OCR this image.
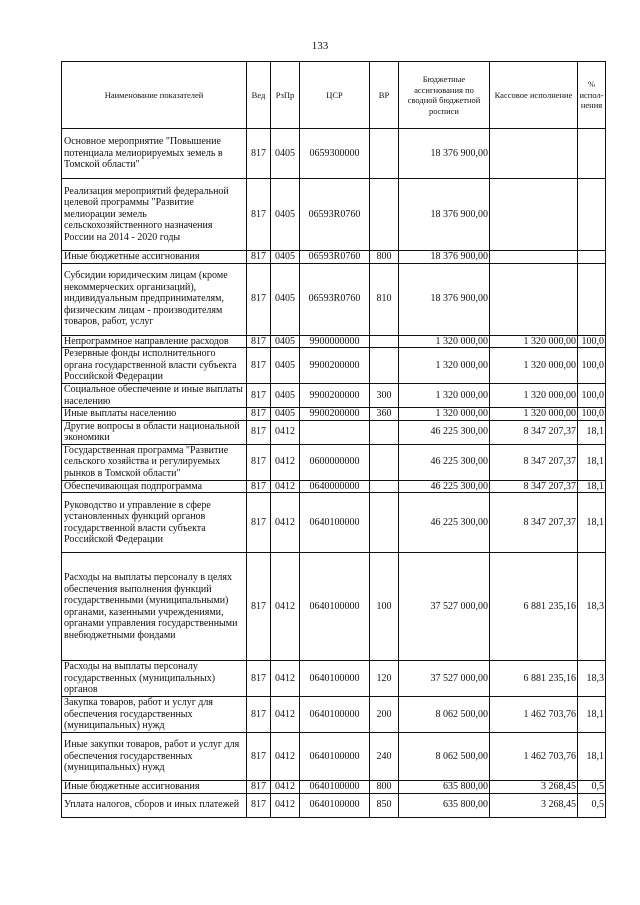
133
Наименование показателей	Вед	РзПр	ЦСР	ВР	Бюджетные ассигнования по сводной бюджетной росписи	Кассовое исполнение	% испол-нения
Основное мероприятие "Повышение потенциала мелиорируемых земель в Томской области"	817	0405	0659300000		18 376 900,00		
Реализация мероприятий федеральной целевой программы "Развитие мелиорации земель сельскохозяйственного назначения России на 2014 - 2020 годы	817	0405	06593R0760		18 376 900,00		
Иные бюджетные ассигнования	817	0405	06593R0760	800	18 376 900,00		
Субсидии юридическим лицам (кроме некоммерческих организаций), индивидуальным предпринимателям, физическим лицам - производителям товаров, работ, услуг	817	0405	06593R0760	810	18 376 900,00		
Непрограммное направление расходов	817	0405	9900000000		1 320 000,00	1 320 000,00	100,0
Резервные фонды исполнительного органа государственной власти субъекта Российской Федерации	817	0405	9900200000		1 320 000,00	1 320 000,00	100,0
Социальное обеспечение и иные выплаты населению	817	0405	9900200000	300	1 320 000,00	1 320 000,00	100,0
Иные выплаты населению	817	0405	9900200000	360	1 320 000,00	1 320 000,00	100,0
Другие вопросы в области национальной экономики	817	0412			46 225 300,00	8 347 207,37	18,1
Государственная программа "Развитие сельского хозяйства и регулируемых рынков в Томской области"	817	0412	0600000000		46 225 300,00	8 347 207,37	18,1
Обеспечивающая подпрограмма	817	0412	0640000000		46 225 300,00	8 347 207,37	18,1
Руководство и управление в сфере установленных функций органов государственной власти субъекта Российской Федерации	817	0412	0640100000		46 225 300,00	8 347 207,37	18,1
Расходы на выплаты персоналу в целях обеспечения выполнения функций государственными (муниципальными) органами, казенными учреждениями, органами управления государственными внебюджетными фондами	817	0412	0640100000	100	37 527 000,00	6 881 235,16	18,3
Расходы на выплаты персоналу государственных (муниципальных) органов	817	0412	0640100000	120	37 527 000,00	6 881 235,16	18,3
Закупка товаров, работ и услуг для обеспечения государственных (муниципальных) нужд	817	0412	0640100000	200	8 062 500,00	1 462 703,76	18,1
Иные закупки товаров, работ и услуг для обеспечения государственных (муниципальных) нужд	817	0412	0640100000	240	8 062 500,00	1 462 703,76	18,1
Иные бюджетные ассигнования	817	0412	0640100000	800	635 800,00	3 268,45	0,5
Уплата налогов, сборов и иных платежей	817	0412	0640100000	850	635 800,00	3 268,45	0,5
